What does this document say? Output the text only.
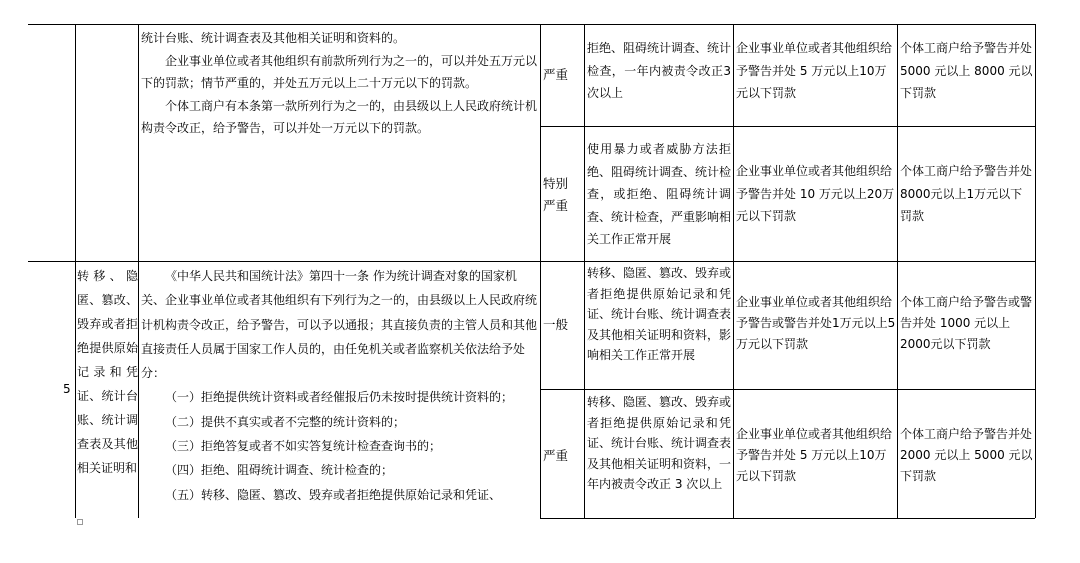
统计台账、统计调查表及其他相关证明和资料的。

企业事业单位或者其他组织有前款所列行为之一的，可以并处五万元以下的罚款；情节严重的，并处五万元以上二十万元以下的罚款。

个体工商户有本条第一款所列行为之一的，由县级以上人民政府统计机构责令改正，给予警告，可以并处一万元以下的罚款。

严重
拒绝、阻碍统计调查、统计检查，一年内被责令改正3次以上
企业事业单位或者其他组织给予警告并处 5 万元以上10万元以下罚款
个体工商户给予警告并处 5000 元以上 8000 元以下罚款
特别严重
使用暴力或者威胁方法拒绝、阻碍统计调查、统计检查，或拒绝、阻碍统计调查、统计检查，严重影响相关工作正常开展
企业事业单位或者其他组织给予警告并处 10 万元以上20万元以下罚款
个体工商户给予警告并处8000元以上1万元以下罚款
5
转移、隐匿、篡改、毁弃或者拒绝提供原始记录和凭证、统计台账、统计调查表及其他相关证明和

《中华人民共和国统计法》第四十一条 作为统计调查对象的国家机关、企业事业单位或者其他组织有下列行为之一的，由县级以上人民政府统计机构责令改正，给予警告，可以予以通报；其直接负责的主管人员和其他直接责任人员属于国家工作人员的，由任免机关或者监察机关依法给予处分：

（一）拒绝提供统计资料或者经催报后仍未按时提供统计资料的；

（二）提供不真实或者不完整的统计资料的；

（三）拒绝答复或者不如实答复统计检查查询书的；

（四）拒绝、阻碍统计调查、统计检查的；

（五）转移、隐匿、篡改、毁弃或者拒绝提供原始记录和凭证、

一般
转移、隐匿、篡改、毁弃或者拒绝提供原始记录和凭证、统计台账、统计调查表及其他相关证明和资料，影响相关工作正常开展
企业事业单位或者其他组织给予警告或警告并处1万元以上5万元以下罚款
个体工商户给予警告或警告并处 1000 元以上2000元以下罚款
严重
转移、隐匿、篡改、毁弃或者拒绝提供原始记录和凭证、统计台账、统计调查表及其他相关证明和资料，一年内被责令改正 3 次以上
企业事业单位或者其他组织给予警告并处 5 万元以上10万元以下罚款
个体工商户给予警告并处 2000 元以上 5000 元以下罚款
